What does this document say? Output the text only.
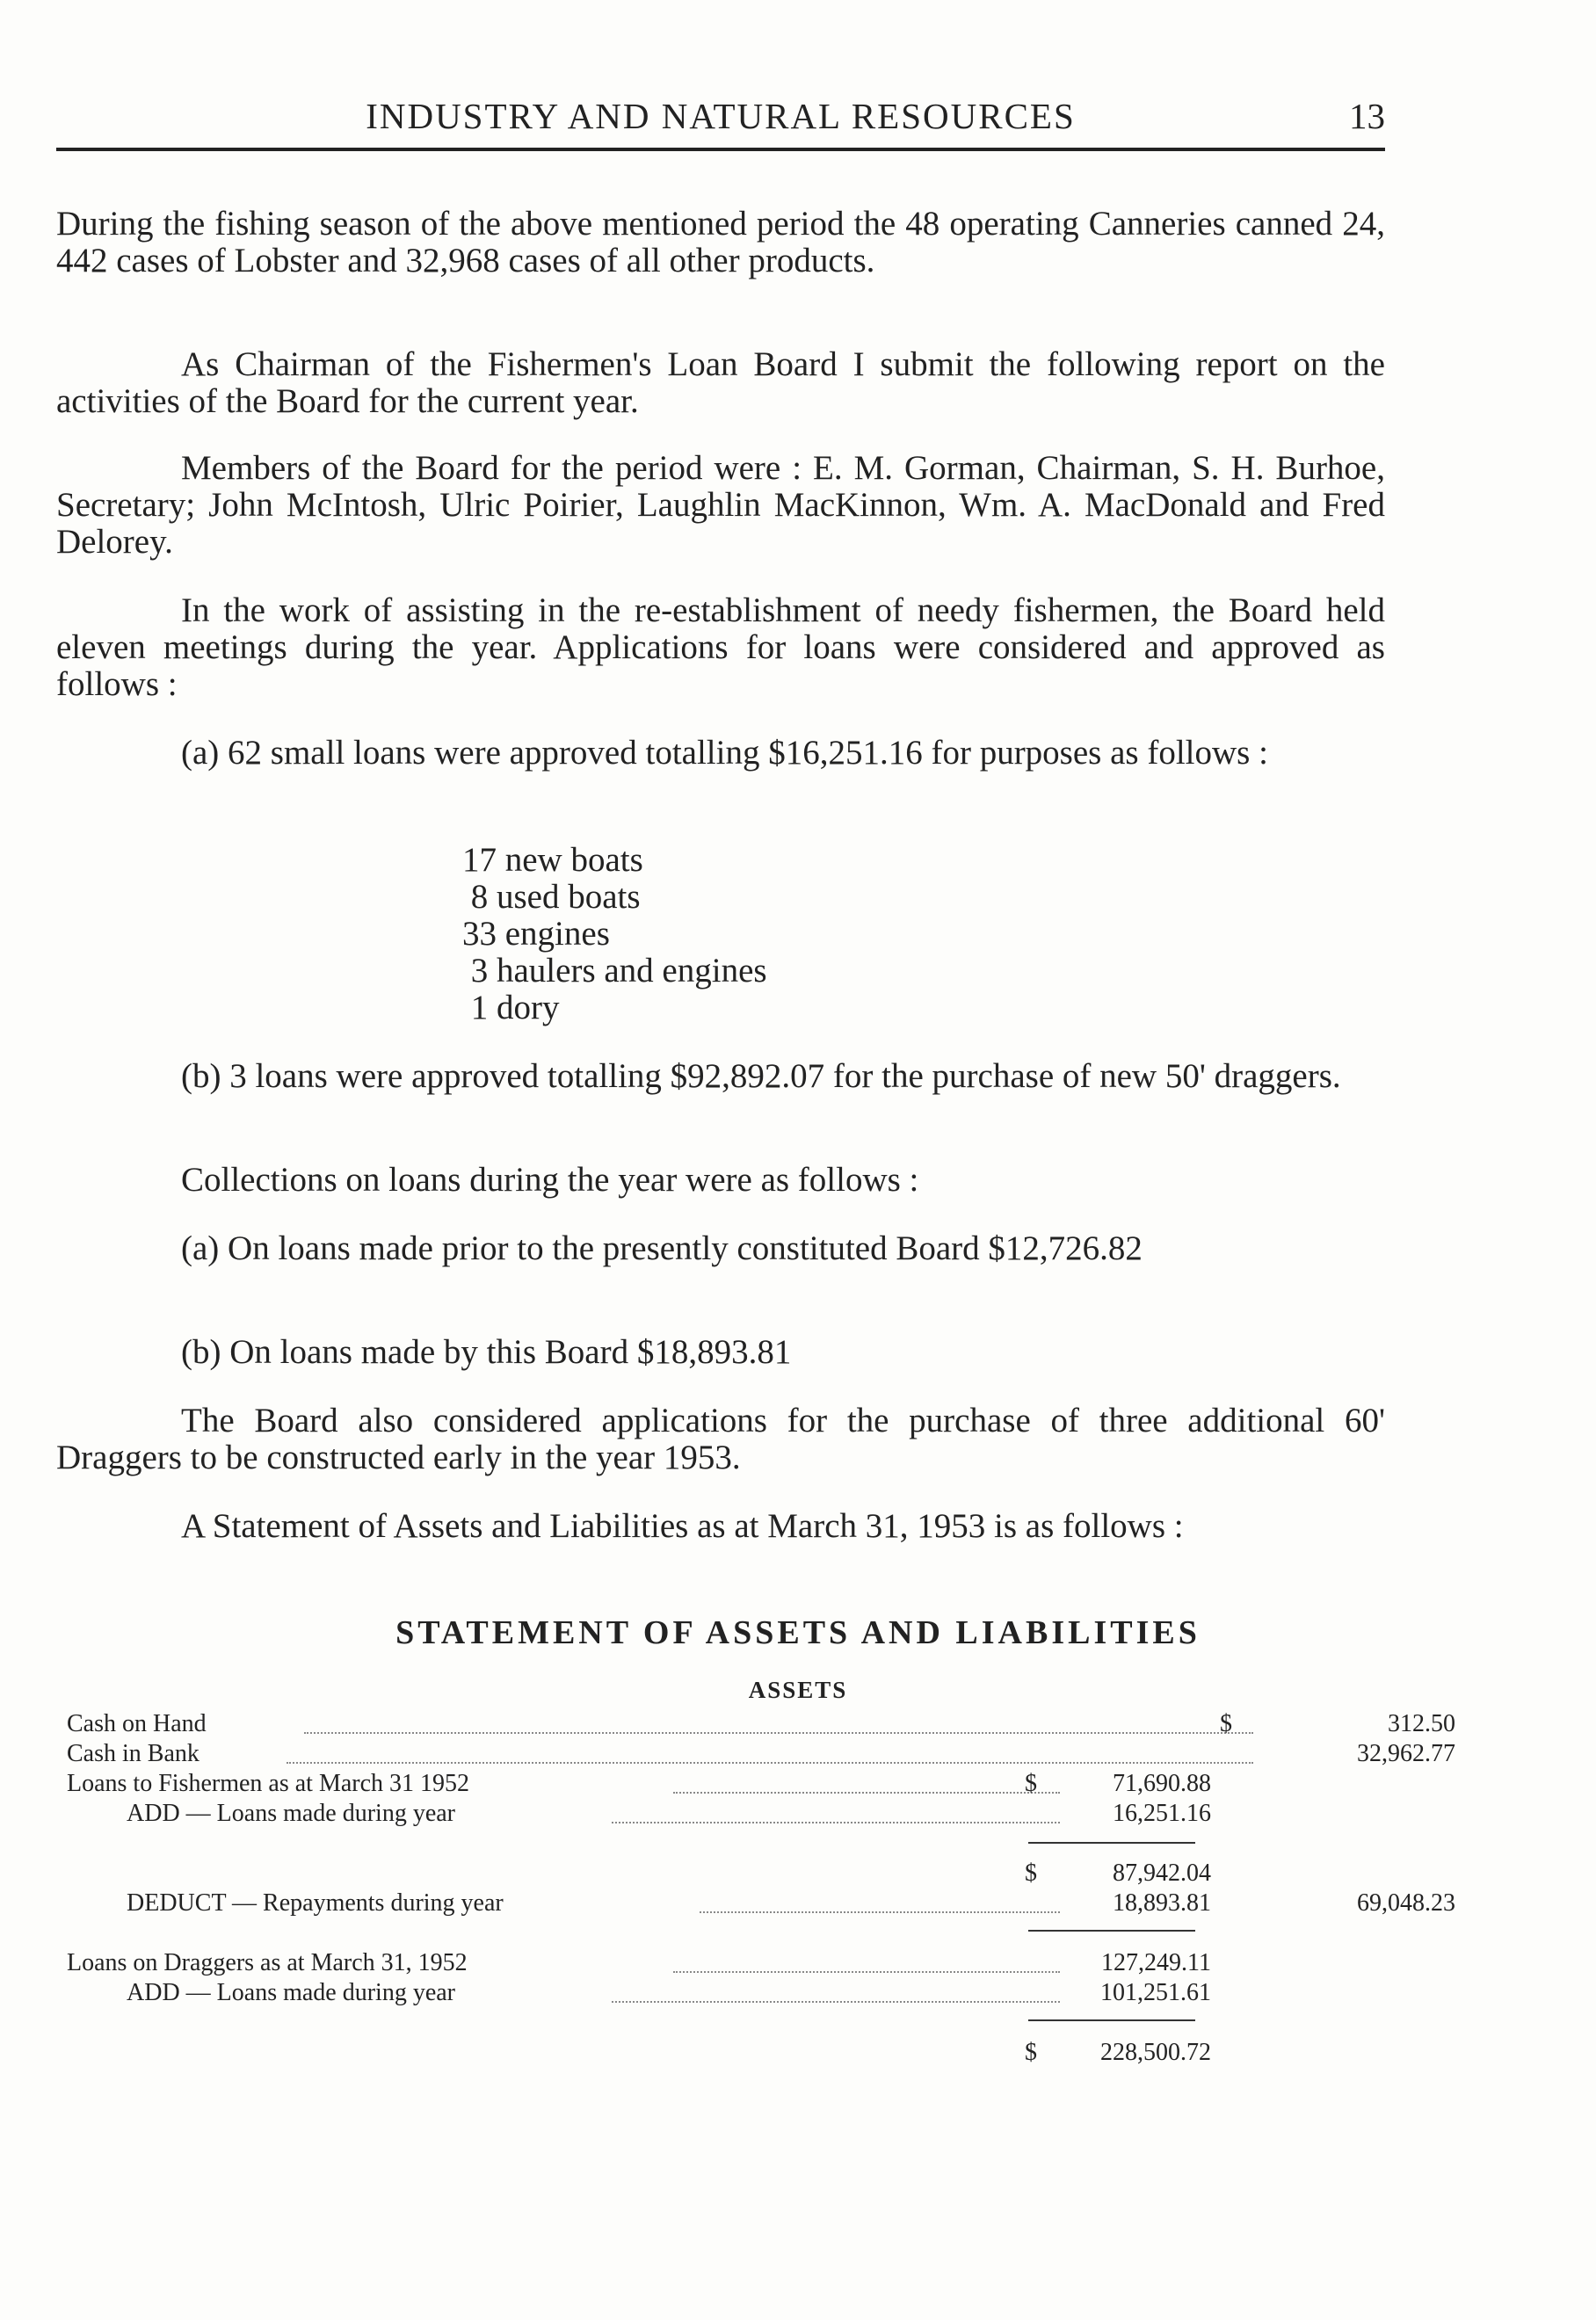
INDUSTRY AND NATURAL RESOURCES	13
During the fishing season of the above mentioned period the 48 operating Canneries canned 24, 442 cases of Lobster and 32,968 cases of all other products.
As Chairman of the Fishermen's Loan Board I submit the following report on the activities of the Board for the current year.
Members of the Board for the period were : E. M. Gorman, Chairman, S. H. Burhoe, Secretary; John McIntosh, Ulric Poirier, Laughlin MacKinnon, Wm. A. MacDonald and Fred Delorey.
In the work of assisting in the re-establishment of needy fishermen, the Board held eleven meetings during the year. Applications for loans were considered and approved as follows :
(a) 62 small loans were approved totalling $16,251.16 for purposes as follows :
17 new boats
8 used boats
33 engines
3 haulers and engines
1 dory
(b) 3 loans were approved totalling $92,892.07 for the purchase of new 50' draggers.
Collections on loans during the year were as follows :
(a) On loans made prior to the presently constituted Board $12,726.82
(b) On loans made by this Board $18,893.81
The Board also considered applications for the purchase of three additional 60' Draggers to be constructed early in the year 1953.
A Statement of Assets and Liabilities as at March 31, 1953 is as follows :
STATEMENT OF ASSETS AND LIABILITIES
ASSETS
Cash on Hand	$	312.50
Cash in Bank	32,962.77
Loans to Fishermen as at March 31 1952	$	71,690.88
ADD — Loans made during year	16,251.16
$	87,942.04
DEDUCT — Repayments during year	18,893.81	69,048.23
Loans on Draggers as at March 31, 1952	127,249.11
ADD — Loans made during year	101,251.61
$	228,500.72
